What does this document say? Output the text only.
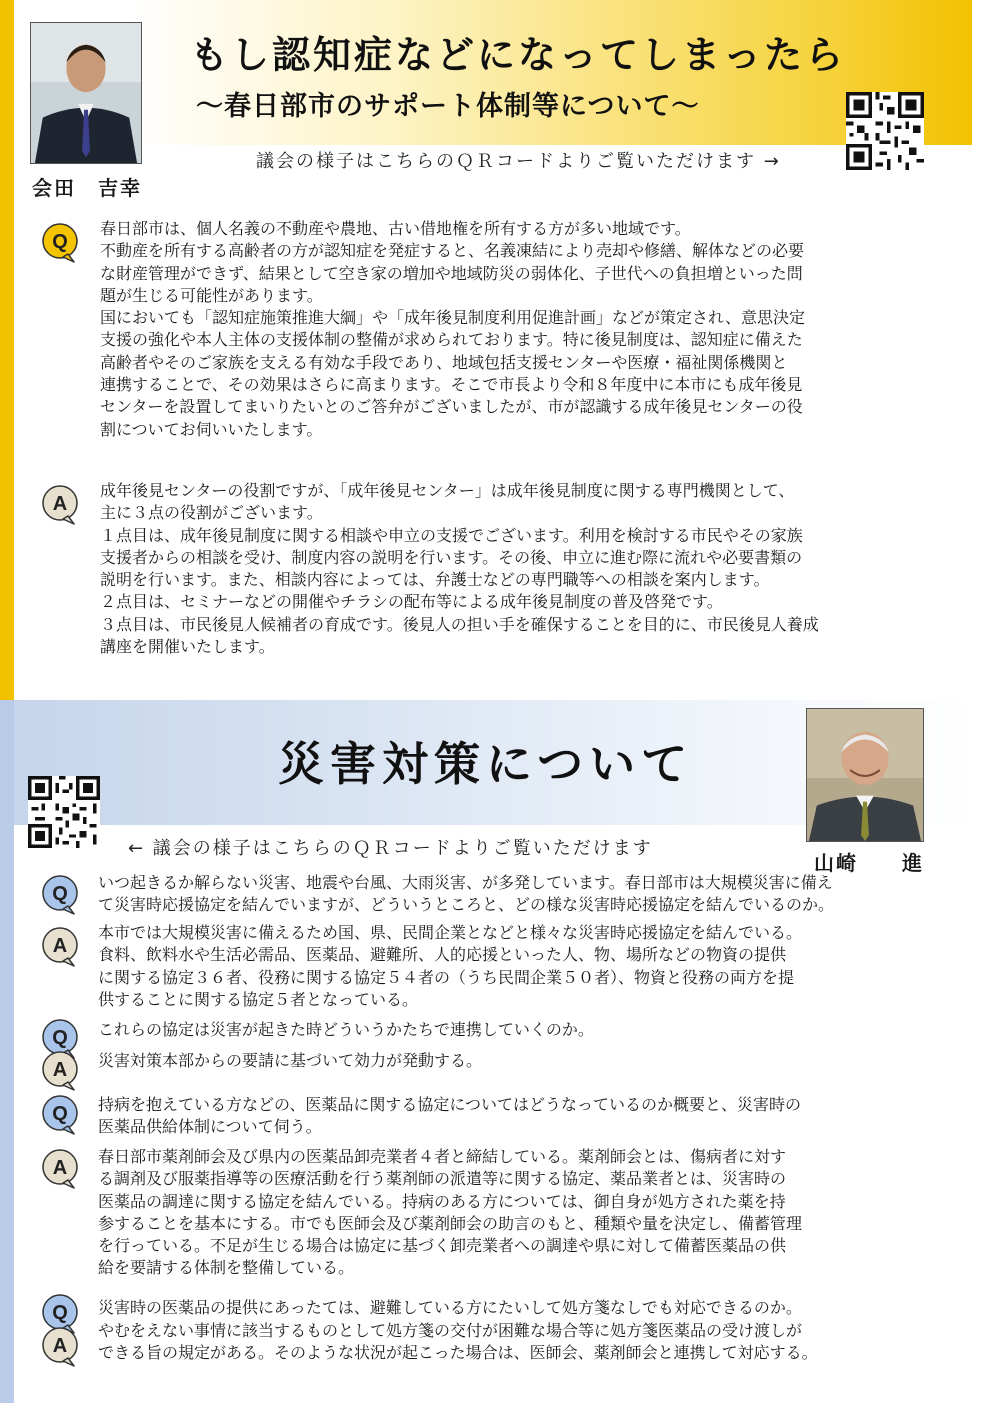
もし認知症などになってしまったら
～春日部市のサポート体制等について～
議会の様子はこちらのＱＲコードよりご覧いただけます →
会田　吉幸
Q

春日部市は、個人名義の不動産や農地、古い借地権を所有する方が多い地域です。

不動産を所有する高齢者の方が認知症を発症すると、名義凍結により売却や修繕、解体などの必要

な財産管理ができず、結果として空き家の増加や地域防災の弱体化、子世代への負担増といった問

題が生じる可能性があります。

国においても「認知症施策推進大綱」や「成年後見制度利用促進計画」などが策定され、意思決定

支援の強化や本人主体の支援体制の整備が求められております。特に後見制度は、認知症に備えた

高齢者やそのご家族を支える有効な手段であり、地域包括支援センターや医療・福祉関係機関と

連携することで、その効果はさらに高まります。そこで市長より令和８年度中に本市にも成年後見

センターを設置してまいりたいとのご答弁がございましたが、市が認識する成年後見センターの役

割についてお伺いいたします。

A

成年後見センターの役割ですが、「成年後見センター」は成年後見制度に関する専門機関として、

主に３点の役割がございます。

１点目は、成年後見制度に関する相談や申立の支援でございます。利用を検討する市民やその家族

支援者からの相談を受け、制度内容の説明を行います。その後、申立に進む際に流れや必要書類の

説明を行います。また、相談内容によっては、弁護士などの専門職等への相談を案内します。

２点目は、セミナーなどの開催やチラシの配布等による成年後見制度の普及啓発です。

３点目は、市民後見人候補者の育成です。後見人の担い手を確保することを目的に、市民後見人養成

講座を開催いたします。

災害対策について
← 議会の様子はこちらのＱＲコードよりご覧いただけます
山崎　　進
Q

いつ起きるか解らない災害、地震や台風、大雨災害、が多発しています。春日部市は大規模災害に備え

て災害時応援協定を結んでいますが、どういうところと、どの様な災害時応援協定を結んでいるのか。

A

本市では大規模災害に備えるため国、県、民間企業となどと様々な災害時応援協定を結んでいる。

食料、飲料水や生活必需品、医薬品、避難所、人的応援といった人、物、場所などの物資の提供

に関する協定３６者、役務に関する協定５４者の（うち民間企業５０者）、物資と役務の両方を提

供することに関する協定５者となっている。

Q これらの協定は災害が起きた時どういうかたちで連携していくのか。

A 災害対策本部からの要請に基づいて効力が発動する。

Q 持病を抱えている方などの、医薬品に関する協定についてはどうなっているのか概要と、災害時の

医薬品供給体制について伺う。

A

春日部市薬剤師会及び県内の医薬品卸売業者４者と締結している。薬剤師会とは、傷病者に対す

る調剤及び服薬指導等の医療活動を行う薬剤師の派遣等に関する協定、薬品業者とは、災害時の

医薬品の調達に関する協定を結んでいる。持病のある方については、御自身が処方された薬を持

参することを基本にする。市でも医師会及び薬剤師会の助言のもと、種類や量を決定し、備蓄管理

を行っている。不足が生じる場合は協定に基づく卸売業者への調達や県に対して備蓄医薬品の供

給を要請する体制を整備している。

Q 災害時の医薬品の提供にあったては、避難している方にたいして処方箋なしでも対応できるのか。

A

やむをえない事情に該当するものとして処方箋の交付が困難な場合等に処方箋医薬品の受け渡しが

できる旨の規定がある。そのような状況が起こった場合は、医師会、薬剤師会と連携して対応する。
